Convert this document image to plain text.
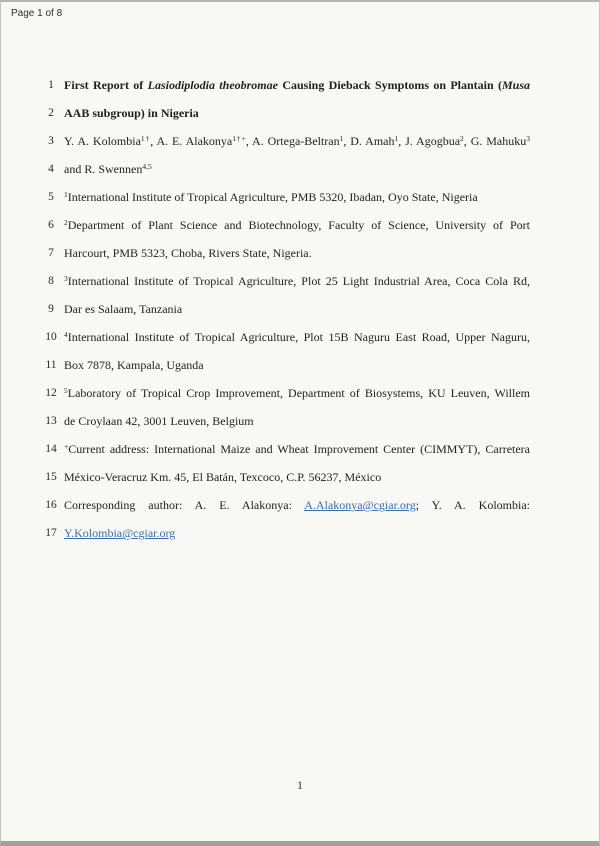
Page 1 of 8
1 First Report of Lasiodiplodia theobromae Causing Dieback Symptoms on Plantain (Musa
2 AAB subgroup) in Nigeria
3 Y. A. Kolombia$^{1\dagger}$, A. E. Alakonya$^{1\dagger+}$, A. Ortega-Beltran$^1$, D. Amah$^1$, J. Agogbua$^2$, G. Mahuku$^3$
4 and R. Swennen$^{4,5}$
5	$^1$International Institute of Tropical Agriculture, PMB 5320, Ibadan, Oyo State, Nigeria
6	$^2$Department of Plant Science and Biotechnology, Faculty of Science, University of Port
7 Harcourt, PMB 5323, Choba, Rivers State, Nigeria.
8	$^3$International Institute of Tropical Agriculture, Plot 25 Light Industrial Area, Coca Cola Rd,
9 Dar es Salaam, Tanzania
10 $^4$International Institute of Tropical Agriculture, Plot 15B Naguru East Road, Upper Naguru,
11 Box 7878, Kampala, Uganda
12 $^5$Laboratory of Tropical Crop Improvement, Department of Biosystems, KU Leuven, Willem
13 de Croylaan 42, 3001 Leuven, Belgium
14 +Current address: International Maize and Wheat Improvement Center (CIMMYT), Carretera
15 México-Veracruz Km. 45, El Batán, Texcoco, C.P. 56237, México
16 Corresponding author: A. E. Alakonya: A.Alakonya@cgiar.org; Y. A. Kolombia:
17 Y.Kolombia@cgiar.org
1
